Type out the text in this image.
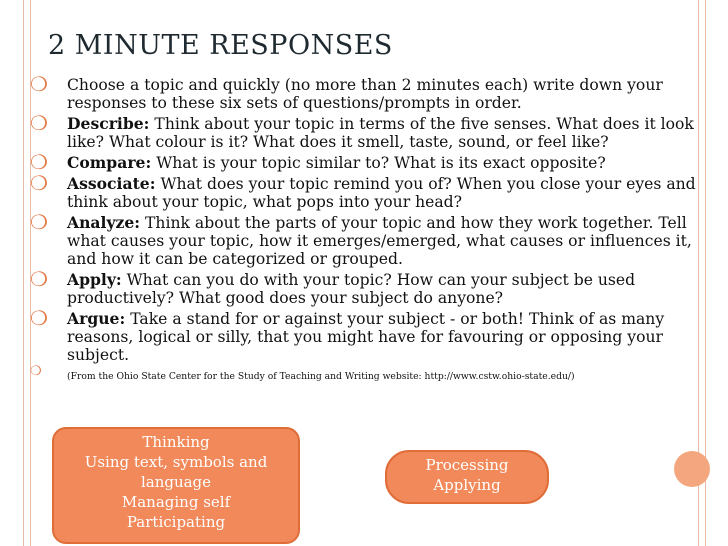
2 MINUTE RESPONSES
❍ Choose a topic and quickly (no more than 2 minutes each) write down your responses to these six sets of questions/prompts in order.
❍ Describe: Think about your topic in terms of the five senses. What does it look like? What colour is it? What does it smell, taste, sound, or feel like?
❍ Compare: What is your topic similar to? What is its exact opposite?
❍ Associate: What does your topic remind you of? When you close your eyes and think about your topic, what pops into your head?
❍ Analyze: Think about the parts of your topic and how they work together. Tell what causes your topic, how it emerges/emerged, what causes or influences it, and how it can be categorized or grouped.
❍ Apply: What can you do with your topic? How can your subject be used productively? What good does your subject do anyone?
❍ Argue: Take a stand for or against your subject - or both! Think of as many reasons, logical or silly, that you might have for favouring or opposing your subject.
❍	(From the Ohio State Center for the Study of Teaching and Writing website: http://www.cstw.ohio-state.edu/)
Thinking
Using text, symbols and
language
Managing self
Participating
Processing
Applying
